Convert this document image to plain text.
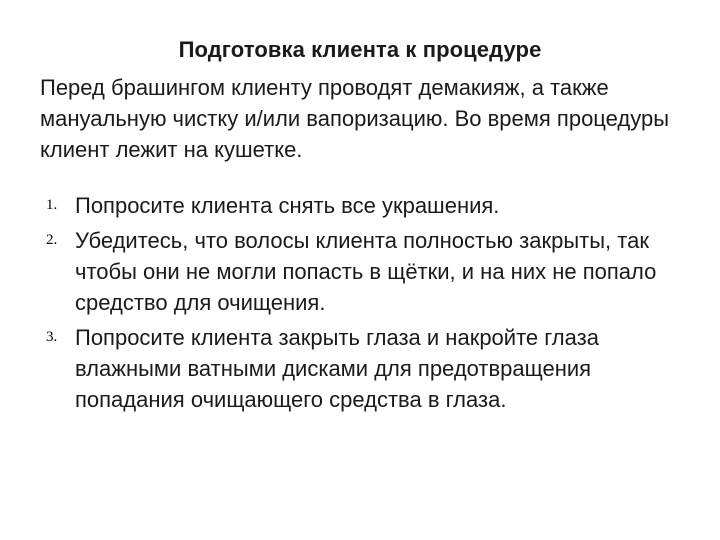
Подготовка клиента к процедуре
Перед брашингом клиенту проводят демакияж, а также мануальную чистку и/или вапоризацию. Во время процедуры клиент лежит на кушетке.
1. Попросите клиента снять все украшения.
2. Убедитесь, что волосы клиента полностью закрыты, так чтобы они не могли попасть в щётки, и на них не попало средство для очищения.
3. Попросите клиента закрыть глаза и накройте глаза влажными ватными дисками для предотвращения попадания очищающего средства в глаза.
